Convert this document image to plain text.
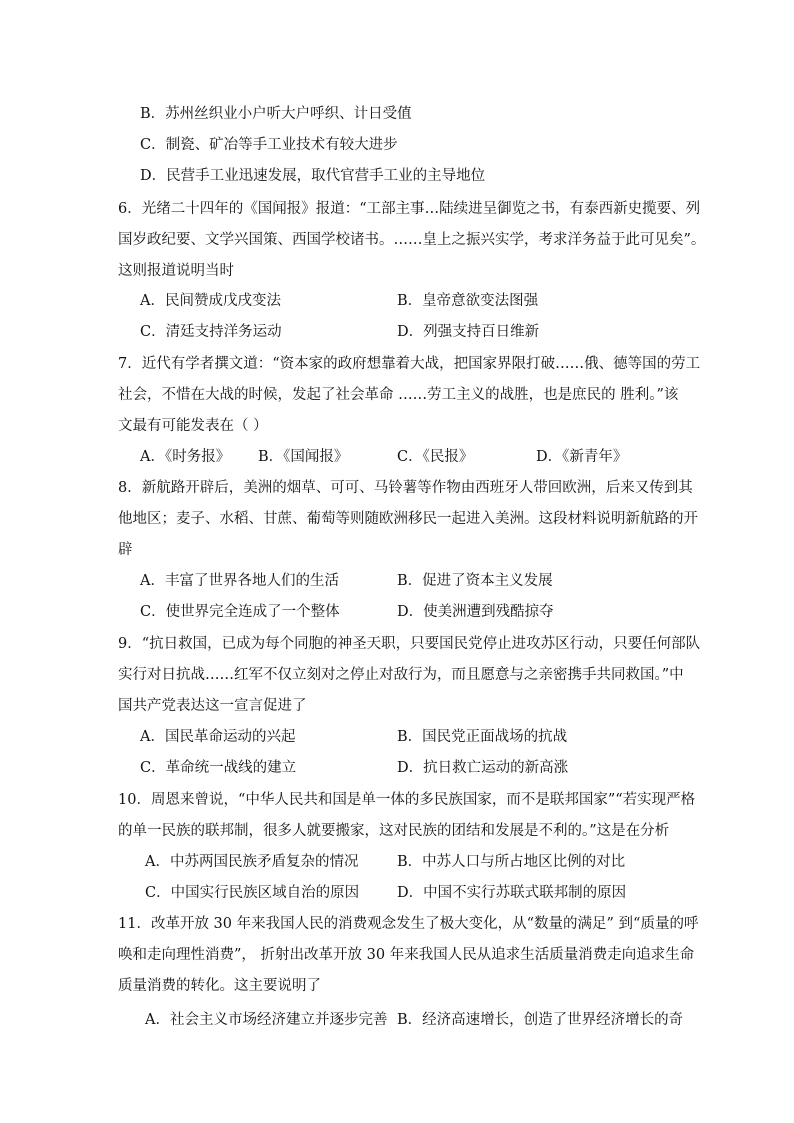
B．苏州丝织业小户听大户呼织、计日受值
C．制瓷、矿冶等手工业技术有较大进步
D．民营手工业迅速发展，取代官营手工业的主导地位
6．光绪二十四年的《国闻报》报道：“工部主事…陆续进呈御览之书，有泰西新史揽要、列
国岁政纪要、文学兴国策、西国学校诸书。……皇上之振兴实学，考求洋务益于此可见矣”。
这则报道说明当时
A．民间赞成戊戌变法	B．皇帝意欲变法图强
C．清廷支持洋务运动	D．列强支持百日维新
7．近代有学者撰文道：“资本家的政府想靠着大战，把国家界限打破……俄、德等国的劳工
社会，不惜在大战的时候，发起了社会革命 ……劳工主义的战胜，也是庶民的 胜利。”该
文最有可能发表在（ ）
A．《时务报》 B．《国闻报》	C．《民报》	D．《新青年》
8．新航路开辟后，美洲的烟草、可可、马铃薯等作物由西班牙人带回欧洲，后来又传到其
他地区；麦子、水稻、甘蔗、葡萄等则随欧洲移民一起进入美洲。这段材料说明新航路的开
辟
A．丰富了世界各地人们的生活	B．促进了资本主义发展
C．使世界完全连成了一个整体	D．使美洲遭到残酷掠夺
9．“抗日救国，已成为每个同胞的神圣天职，只要国民党停止进攻苏区行动，只要任何部队
实行对日抗战……红军不仅立刻对之停止对敌行为，而且愿意与之亲密携手共同救国。”中
国共产党表达这一宣言促进了
A．国民革命运动的兴起	B．国民党正面战场的抗战
C．革命统一战线的建立	D．抗日救亡运动的新高涨
10．周恩来曾说，“中华人民共和国是单一体的多民族国家，而不是联邦国家”“若实现严格
的单一民族的联邦制，很多人就要搬家，这对民族的团结和发展是不利的。”这是在分析
A．中苏两国民族矛盾复杂的情况	B．中苏人口与所占地区比例的对比
C．中国实行民族区域自治的原因	D．中国不实行苏联式联邦制的原因
11．改革开放 30 年来我国人民的消费观念发生了极大变化，从“数量的满足” 到“质量的呼
唤和走向理性消费”， 折射出改革开放 30 年来我国人民从追求生活质量消费走向追求生命
质量消费的转化。这主要说明了
A．社会主义市场经济建立并逐步完善 B．经济高速增长，创造了世界经济增长的奇
